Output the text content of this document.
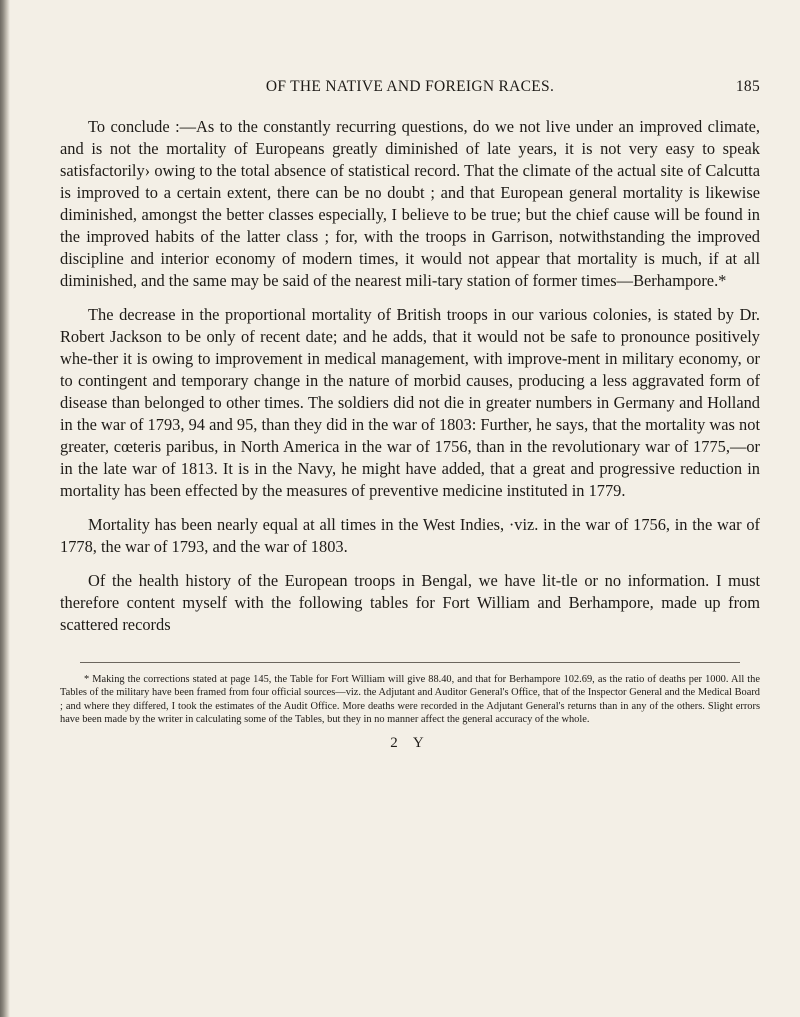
OF THE NATIVE AND FOREIGN RACES.	185

To conclude :—As to the constantly recurring questions, do we not live under an improved climate, and is not the mortality of Europeans greatly diminished of late years, it is not very easy to speak satisfactorily› owing to the total absence of statistical record. That the climate of the actual site of Calcutta is improved to a certain extent, there can be no doubt ; and that European general mortality is likewise diminished, amongst the better classes especially, I believe to be true; but the chief cause will be found in the improved habits of the latter class ; for, with the troops in Garrison, notwithstanding the improved discipline and interior economy of modern times, it would not appear that mortality is much, if at all diminished, and the same may be said of the nearest mili-tary station of former times—Berhampore.*

The decrease in the proportional mortality of British troops in our various colonies, is stated by Dr. Robert Jackson to be only of recent date; and he adds, that it would not be safe to pronounce positively whe-ther it is owing to improvement in medical management, with improve-ment in military economy, or to contingent and temporary change in the nature of morbid causes, producing a less aggravated form of disease than belonged to other times. The soldiers did not die in greater numbers in Germany and Holland in the war of 1793, 94 and 95, than they did in the war of 1803: Further, he says, that the mortality was not greater, cœteris paribus, in North America in the war of 1756, than in the revolutionary war of 1775,—or in the late war of 1813. It is in the Navy, he might have added, that a great and progressive reduction in mortality has been effected by the measures of preventive medicine instituted in 1779.

Mortality has been nearly equal at all times in the West Indies, ·viz. in the war of 1756, in the war of 1778, the war of 1793, and the war of 1803.

Of the health history of the European troops in Bengal, we have lit-tle or no information. I must therefore content myself with the following tables for Fort William and Berhampore, made up from scattered records

* Making the corrections stated at page 145, the Table for Fort William will give 88.40, and that for Berhampore 102.69, as the ratio of deaths per 1000. All the Tables of the military have been framed from four official sources—viz. the Adjutant and Auditor General's Office, that of the Inspector General and the Medical Board ; and where they differed, I took the estimates of the Audit Office. More deaths were recorded in the Adjutant General's returns than in any of the others. Slight errors have been made by the writer in calculating some of the Tables, but they in no manner affect the general accuracy of the whole.

2 Y
